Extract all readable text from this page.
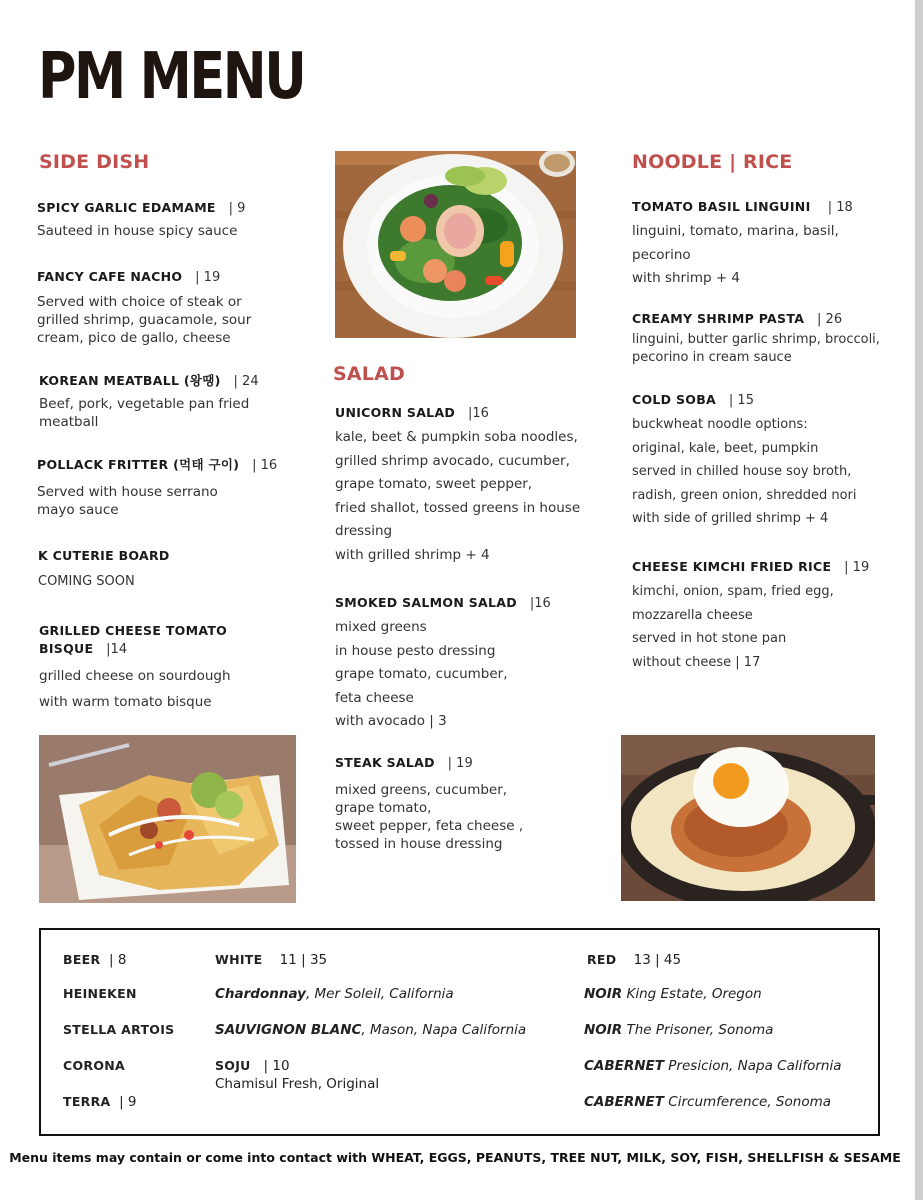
PM MENU
SIDE DISH
SPICY GARLIC EDAMAME | 9
Sauteed in house spicy sauce
FANCY CAFE NACHO | 19
Served with choice of steak or
grilled shrimp, guacamole, sour
cream, pico de gallo, cheese
KOREAN MEATBALL (왕땡) | 24
Beef, pork, vegetable pan fried
meatball
POLLACK FRITTER (먹태 구이) | 16
Served with house serrano
mayo sauce
K CUTERIE BOARD
COMING SOON
GRILLED CHEESE TOMATO BISQUE |14
grilled cheese on sourdough
with warm tomato bisque
SALAD
UNICORN SALAD |16
kale, beet & pumpkin soba noodles,
grilled shrimp avocado, cucumber,
grape tomato, sweet pepper,
fried shallot, tossed greens in house
dressing
with grilled shrimp + 4
SMOKED SALMON SALAD |16
mixed greens
in house pesto dressing
grape tomato, cucumber,
feta cheese
with avocado | 3
STEAK SALAD | 19
mixed greens, cucumber,
grape tomato,
sweet pepper, feta cheese ,
tossed in house dressing
NOODLE | RICE
TOMATO BASIL LINGUINI | 18
linguini, tomato, marina, basil,
pecorino
with shrimp + 4
CREAMY SHRIMP PASTA | 26
linguini, butter garlic shrimp, broccoli,
pecorino in cream sauce
COLD SOBA | 15
buckwheat noodle options:
original, kale, beet, pumpkin
served in chilled house soy broth,
radish, green onion, shredded nori
with side of grilled shrimp + 4
CHEESE KIMCHI FRIED RICE | 19
kimchi, onion, spam, fried egg,
mozzarella cheese
served in hot stone pan
without cheese | 17
BEER | 8
HEINEKEN
STELLA ARTOIS
CORONA
TERRA | 9
WHITE 11 | 35
Chardonnay, Mer Soleil, California
SAUVIGNON BLANC, Mason, Napa California
SOJU | 10
Chamisul Fresh, Original
RED 13 | 45
NOIR King Estate, Oregon
NOIR The Prisoner, Sonoma
CABERNET Presicion, Napa California
CABERNET Circumference, Sonoma
Menu items may contain or come into contact with WHEAT, EGGS, PEANUTS, TREE NUT, MILK, SOY, FISH, SHELLFISH & SESAME
